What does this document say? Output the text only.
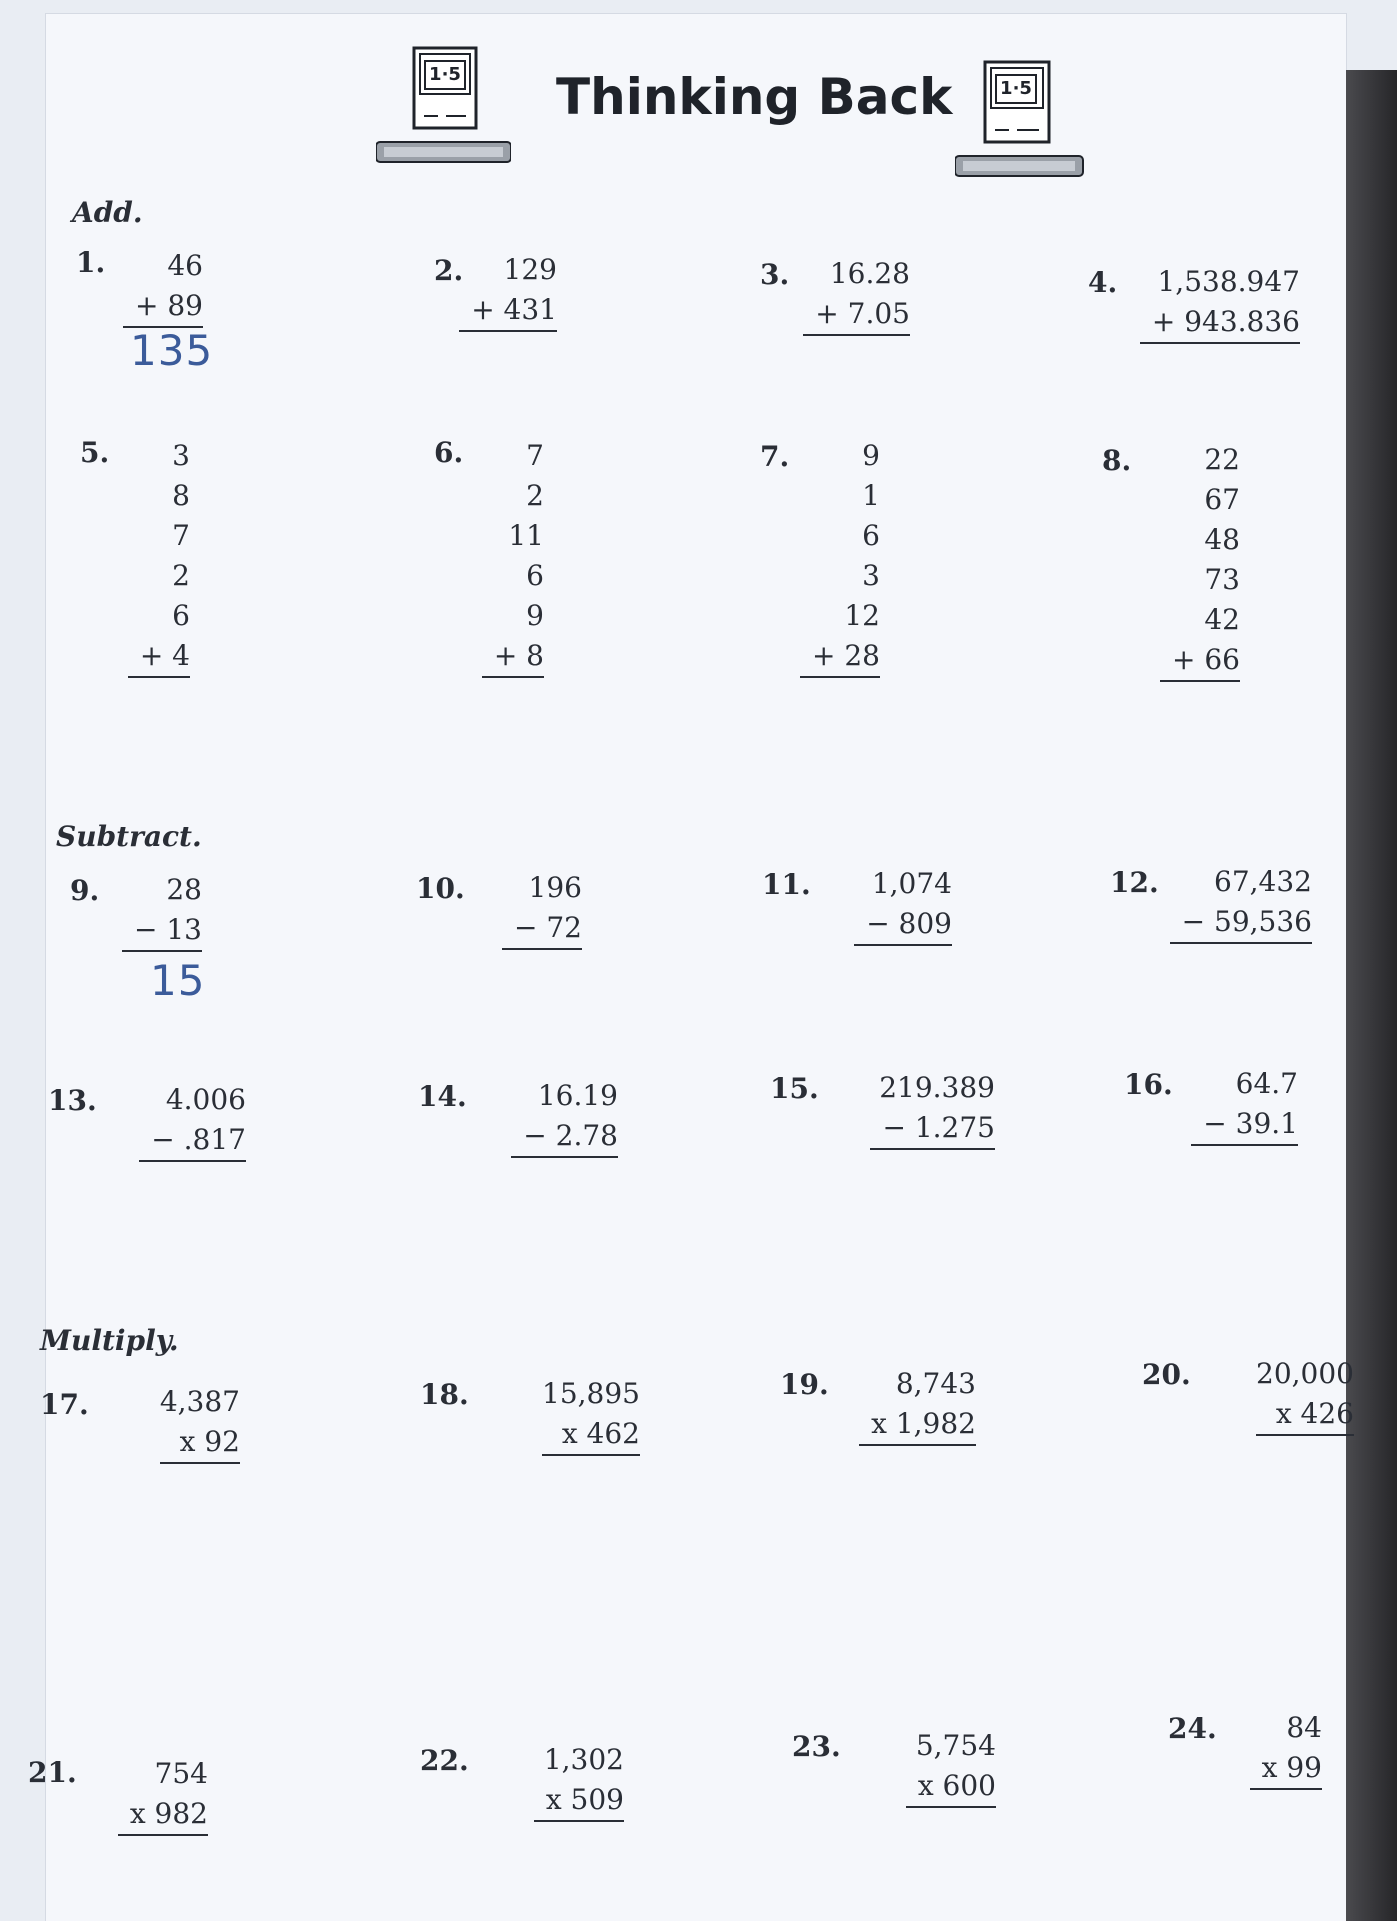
1·5 Thinking Back	1·5
Add.
Subtract.
Multiply.
1.	46
+ 89
135
2.	129
+ 431
3.	16.28
+ 7.05
4.	1,538.947
+ 943.836
5.	3
8
7
2
6
+ 4
6.	7
2
11
6
9
+ 8
7.	9
1
6
3
12
+ 28
8.	22
67
48
73
42
+ 66
9.	28
− 13
15
10.	196
− 72
11.	1,074
− 809
12.	67,432
− 59,536
13.	4.006
− .817
14.	16.19
− 2.78
15.	219.389
− 1.275
16.	64.7
− 39.1
17.	4,387
x 92
18.	15,895
x 462
19.	8,743
x 1,982
20. 20,000
x 426
21.	754
x 982
22.	1,302
x 509
23.	5,754
x 600
24.	84
x 99
